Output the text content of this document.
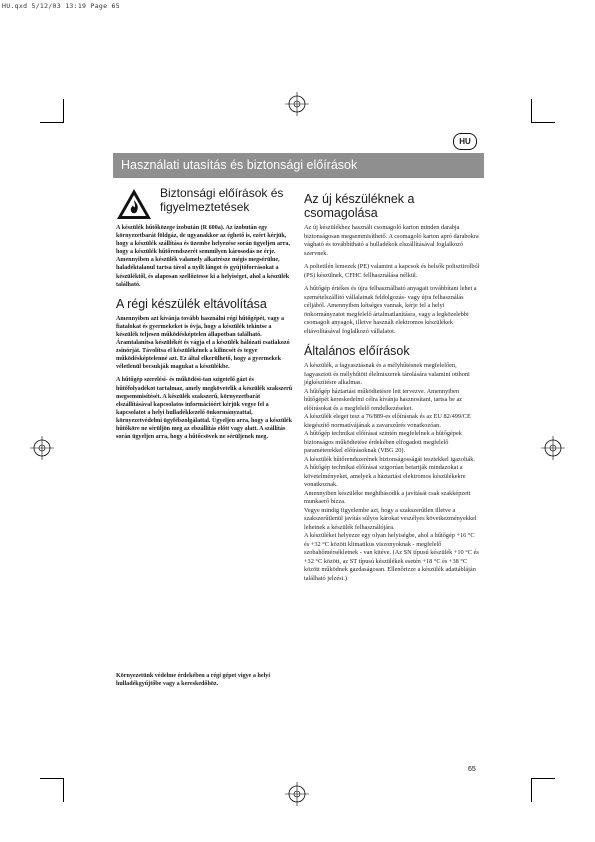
HU.qxd 5/12/03 13:19 Page 65
HU
Használati utasítás és biztonsági előírások
Biztonsági előírások és figyelmeztetések

A készülék hűtőközege izobután (R 600a). Az izobután egy környezetbarát földgáz, de ugyanakkor az éghető is, ezért kérjük, hogy a készülék szállítása és üzembe helyezése során ügyeljen arra, hogy a készülék hűtőrendszerét semmilyen károsodás ne érje. Amennyiben a készülék valamely alkatrésze mégis megsérülne, haladéktalanul tartsa távol a nyílt lángot és gyújtóforrásokat a készüléktől, és alaposan szellőztesse ki a helyiséget, ahol a készülék található.

A régi készülék eltávolítása

Amennyiben azt kívánja tovább használni régi hűtőgépét, vagy a fiatalokat és gyermekeket is óvja, hogy a készülék tekintse a készülék teljesen működésképtelen állapotban található. Áramtalanítsa készülékét és vágja el a készülék hálózati csatlakozó zsinórját. Távolítsa el készülékének a kilincsét és tegye működésképtelenné azt. Ez által elkerülhető, hogy a gyermekek véletlenül becsukják magukat a készülékbe.

A hűtőgép szerelési- és működési-tan szigetelő gázt és hűtőfolyadékot tartalmaz, amely megkövetelik a készülék szakszerű megsemmisítését. A készülék szakszerű, környezetbarát elszállításával kapcsolatos információért kérjük vegye fel a kapcsolatot a helyi hulladékkezelő önkormányzattal, környezetvédelmi ügyfélszolgálattal. Ügyeljen arra, hogy a készülék hűtőköre ne sérüljön meg az elszállítás előtt vagy alatt. A szállítás során ügyeljen arra, hogy a hűtőcsövek ne sérüljenek meg.

Környezetünk védelme érdekében a régi gépet vigye a helyi hulladékgyűjtőbe vagy a kereskedőhöz.

Az új készüléknek a csomagolása

Az új készülékhez használt csomagoló karton minden darabja biztonságosan megsemmisíthető. A csomagoló karton apró darabokra vágható és továbbítható a hulladékok elszállításával foglalkozó szervnek.

A polietilén lemezek (PE) valamint a kapcsok és belsők polisztirolból (PS) készülnek, CFHC fellhasználása nélkül.

A hűtőgép értékes és újra felhasználható anyagait továbbítani lehet a szemételszállító vállalatnak feldolgozás- vagy újra felhasználás céljából. Amennyiben kétséges vannak, kérje fel a helyi önkormányzatot megfelelő ártalmatlanításra, vagy a legközelebbi csomagolt anyagok, illetve használt elektromos készülékek eltávolításával foglalkozó vállalatot.

Általános előírások

A készülék, a fagyasztásnak és a mélyhűtésnek megfelelően, fagyasztott és mélyhűtött élelmiszerek tárolására valamint otthoni jégkészítésre alkalmas.

A hűtőgép háztartási működtetésre lett tervezve. Amennyiben hűtőgépét kereskedelmi célra kívánja hasznosítani, tartsa be az előírásokat és a megfelelő rendelkezéseket.

A készülék eleget tesz a 76/889-es előírásnak és az EU 82/499/CE kiegészítő normatívájának a zavarszűrés vonatkozóan.

A hűtőgép technikai előírásai szintén megfelelnek a hűtőgépek biztonságos működtetése érdekében elfogadott megfelelő paraméterekkel előírásoknak (VBG 20).

A készülék hűtőrendszerének biztonságosságát tesztekkel igazolták.

A hűtőgép technikai előírásai szigorúan betartják mindazokat a követelményeket, amelyek a háztartási elektromos készülékekre vonatkoznak.

Amennyiben készüléke meghibásodik a javítását csak szakképzett munkaerő bízza.

Vegye mindig figyelembe azt, hogy a szakszerűtlen illetve a szakszerűtlenül javítás súlyos károkat veszélyes következményekkel lehetnek a készülék felhasználójára.

A készüléket helyezze egy olyan helyiségbe, ahol a hűtőgép +16 °C és +32 °C között klimatikus viszonyoknak - megfelelő szobahőmérsékletnek - van kitéve. (Az SN típusú készülék +10 °C és +32 °C között, az ST típusú készülékek esetén +18 °C és +38 °C között működnek gazdaságosan. Ellenőrizze a készülék adattábláján található jelzést.)

65
